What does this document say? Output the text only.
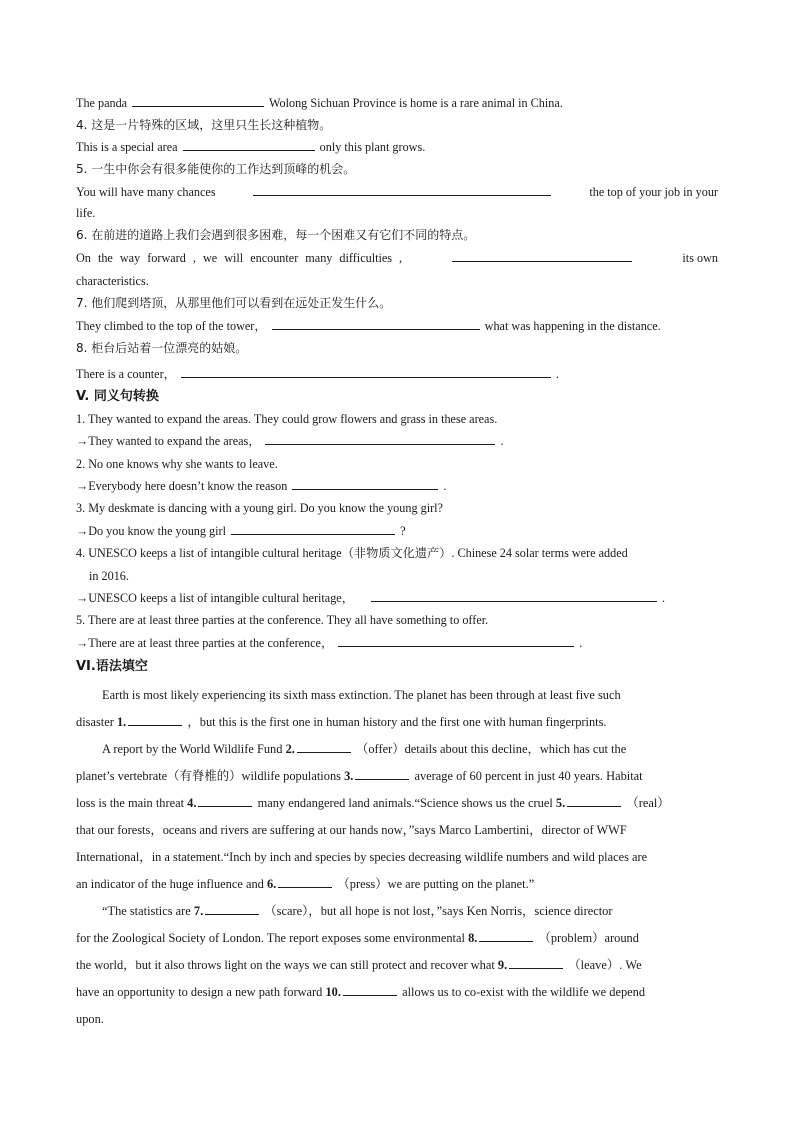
The panda	Wolong Sichuan Province is home is a rare animal in China.
4. 这是一片特殊的区域，这里只生长这种植物。
This is a special area	only this plant grows.
5. 一生中你会有很多能使你的工作达到顶峰的机会。
You will have many chances	the top of your job in your
life.
6. 在前进的道路上我们会遇到很多困难，每一个困难又有它们不同的特点。
On the way forward , we will encounter many difficulties ,	its own
characteristics.
7. 他们爬到塔顶，从那里他们可以看到在远处正发生什么。
They climbed to the top of the tower，	what was happening in the distance.
8. 柜台后站着一位漂亮的姑娘。
There is a counter，	.
V. 同义句转换
1. They wanted to expand the areas. They could grow flowers and grass in these areas.
→They wanted to expand the areas，	.
2. No one knows why she wants to leave.
→Everybody here doesn’t know the reason	.
3. My deskmate is dancing with a young girl. Do you know the young girl?
→Do you know the young girl	?
4. UNESCO keeps a list of intangible cultural heritage（非物质文化遗产）. Chinese 24 solar terms were added
in 2016.
→UNESCO keeps a list of intangible cultural heritage，	.
5. There are at least three parties at the conference. They all have something to offer.
→There are at least three parties at the conference，	.
VI.语法填空
Earth is most likely experiencing its sixth mass extinction. The planet has been through at least five such
disaster 1.	，but this is the first one in human history and the first one with human fingerprints.
A report by the World Wildlife Fund 2.	（offer）details about this decline，which has cut the
planet’s vertebrate（有脊椎的）wildlife populations 3.	average of 60 percent in just 40 years. Habitat
loss is the main threat 4.	many endangered land animals.“Science shows us the cruel 5.	（real）
that our forests，oceans and rivers are suffering at our hands now，”says Marco Lambertini，director of WWF
International，in a statement.“Inch by inch and species by species decreasing wildlife numbers and wild places are
an indicator of the huge influence and 6.	（press）we are putting on the planet.”
“The statistics are 7.	（scare），but all hope is not lost，”says Ken Norris，science director
for the Zoological Society of London. The report exposes some environmental 8.	（problem）around
the world，but it also throws light on the ways we can still protect and recover what 9.	（leave）. We
have an opportunity to design a new path forward 10.	allows us to co-exist with the wildlife we depend
upon.
